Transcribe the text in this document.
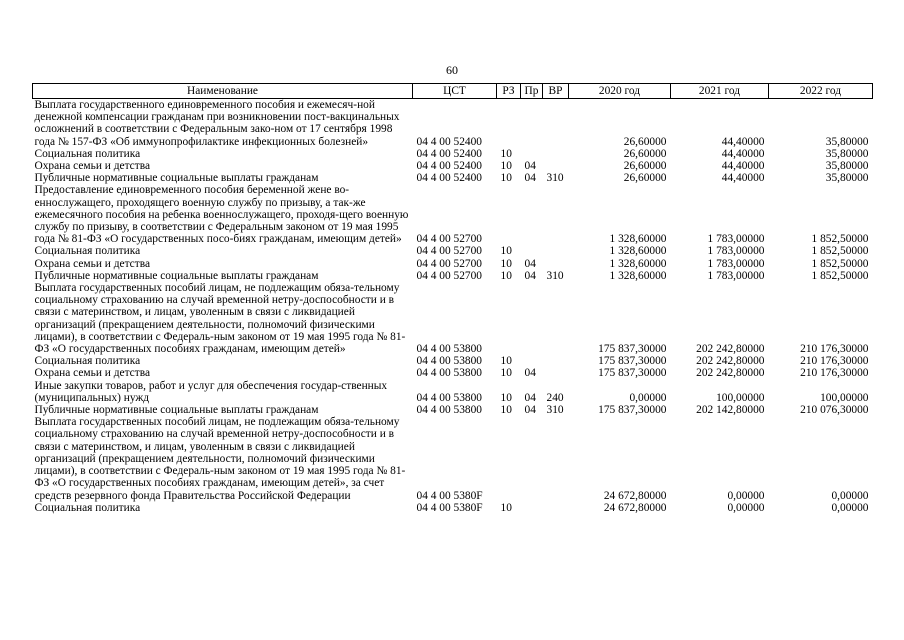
60
Наименование	ЦСТ	РЗ	Пр	ВР	2020 год	2021 год	2022 год
Выплата государственного единовременного пособия и ежемесяч-ной денежной компенсации гражданам при возникновении пост-вакцинальных осложнений в соответствии с Федеральным зако-ном от 17 сентября 1998 года № 157-ФЗ «Об иммунопрофилактике инфекционных болезней»	04 4 00 52400				26,60000	44,40000	35,80000
Социальная политика	04 4 00 52400	10			26,60000	44,40000	35,80000
Охрана семьи и детства	04 4 00 52400	10	04		26,60000	44,40000	35,80000
Публичные нормативные социальные выплаты гражданам	04 4 00 52400	10	04	310	26,60000	44,40000	35,80000
Предоставление единовременного пособия беременной жене во-еннослужащего, проходящего военную службу по призыву, а так-же ежемесячного пособия на ребенка военнослужащего, проходя-щего военную службу по призыву, в соответствии с Федеральным законом от 19 мая 1995 года № 81-ФЗ «О государственных посо-биях гражданам, имеющим детей»	04 4 00 52700				1 328,60000	1 783,00000	1 852,50000
Социальная политика	04 4 00 52700	10			1 328,60000	1 783,00000	1 852,50000
Охрана семьи и детства	04 4 00 52700	10	04		1 328,60000	1 783,00000	1 852,50000
Публичные нормативные социальные выплаты гражданам	04 4 00 52700	10	04	310	1 328,60000	1 783,00000	1 852,50000
Выплата государственных пособий лицам, не подлежащим обяза-тельному социальному страхованию на случай временной нетру-доспособности и в связи с материнством, и лицам, уволенным в связи с ликвидацией организаций (прекращением деятельности, полномочий физическими лицами), в соответствии с Федераль-ным законом от 19 мая 1995 года № 81-ФЗ «О государственных пособиях гражданам, имеющим детей»	04 4 00 53800				175 837,30000	202 242,80000	210 176,30000
Социальная политика	04 4 00 53800	10			175 837,30000	202 242,80000	210 176,30000
Охрана семьи и детства	04 4 00 53800	10	04		175 837,30000	202 242,80000	210 176,30000
Иные закупки товаров, работ и услуг для обеспечения государ-ственных (муниципальных) нужд	04 4 00 53800	10	04	240	0,00000	100,00000	100,00000
Публичные нормативные социальные выплаты гражданам	04 4 00 53800	10	04	310	175 837,30000	202 142,80000	210 076,30000
Выплата государственных пособий лицам, не подлежащим обяза-тельному социальному страхованию на случай временной нетру-доспособности и в связи с материнством, и лицам, уволенным в связи с ликвидацией организаций (прекращением деятельности, полномочий физическими лицами), в соответствии с Федераль-ным законом от 19 мая 1995 года № 81-ФЗ «О государственных пособиях гражданам, имеющим детей», за счет средств резервного фонда Правительства Российской Федерации	04 4 00 5380F				24 672,80000	0,00000	0,00000
Социальная политика	04 4 00 5380F	10			24 672,80000	0,00000	0,00000
